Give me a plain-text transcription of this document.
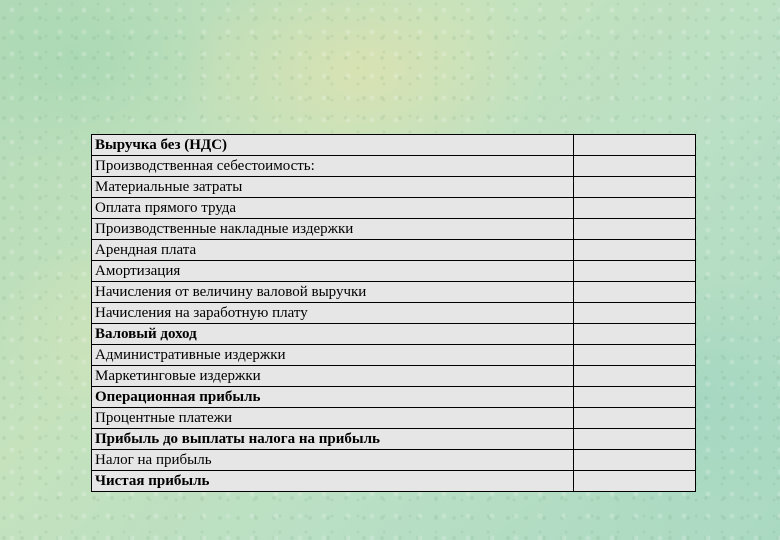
Выручка без (НДС)	
Производственная себестоимость:	
Материальные затраты	
Оплата прямого труда	
Производственные накладные издержки	
Арендная плата	
Амортизация	
Начисления от величину валовой выручки	
Начисления на заработную плату	
Валовый доход	
Административные издержки	
Маркетинговые издержки	
Операционная прибыль	
Процентные платежи	
Прибыль до выплаты налога на прибыль	
Налог на прибыль	
Чистая прибыль	
